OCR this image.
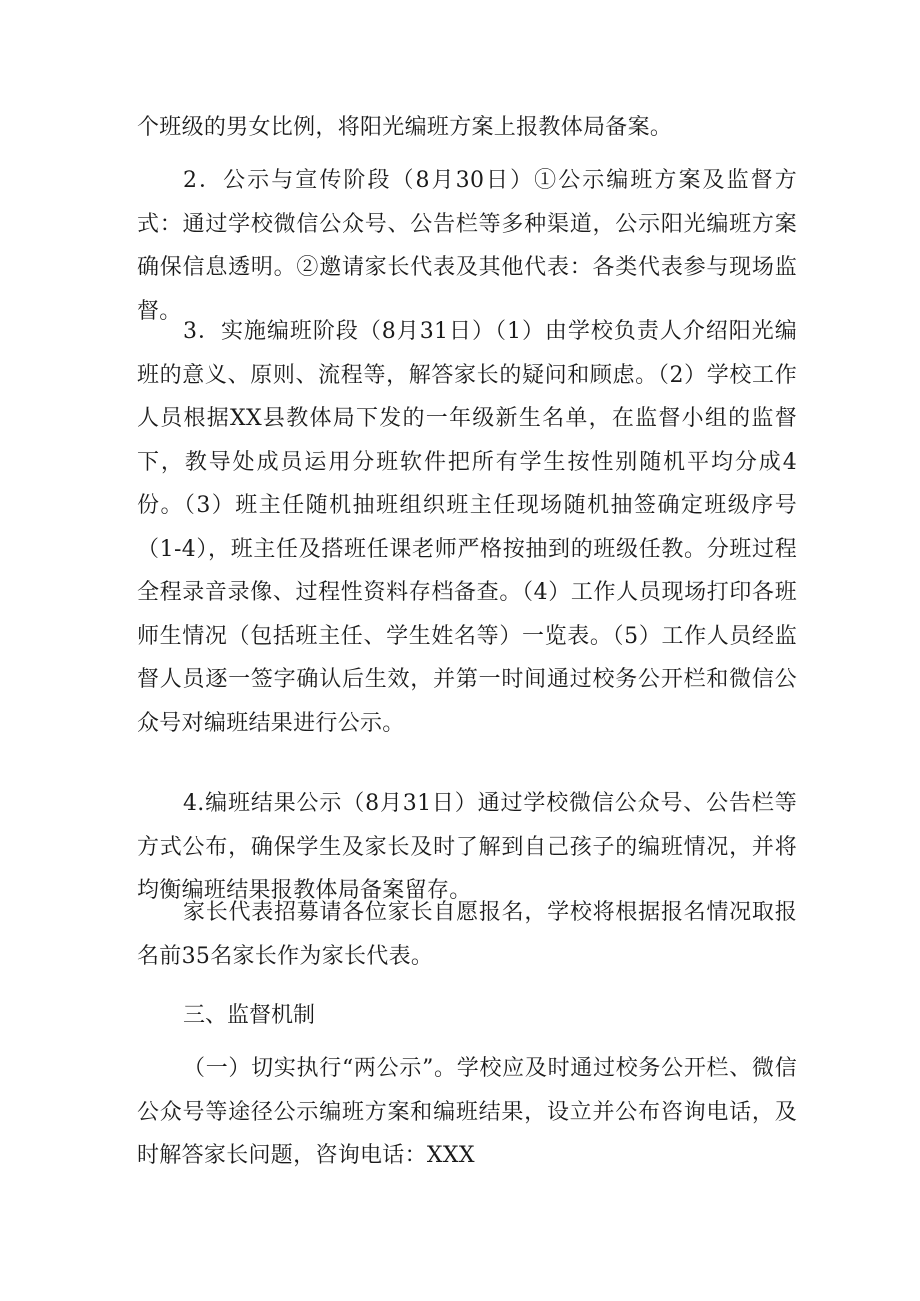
个班级的男女比例，将阳光编班方案上报教体局备案。

2．公示与宣传阶段（8月30日）①公示编班方案及监督方式：通过学校微信公众号、公告栏等多种渠道，公示阳光编班方案确保信息透明。②邀请家长代表及其他代表：各类代表参与现场监督。

3．实施编班阶段（8月31日）（1）由学校负责人介绍阳光编班的意义、原则、流程等，解答家长的疑问和顾虑。（2）学校工作人员根据XX县教体局下发的一年级新生名单，在监督小组的监督下，教导处成员运用分班软件把所有学生按性别随机平均分成4份。（3）班主任随机抽班组织班主任现场随机抽签确定班级序号（1-4），班主任及搭班任课老师严格按抽到的班级任教。分班过程全程录音录像、过程性资料存档备查。（4）工作人员现场打印各班师生情况（包括班主任、学生姓名等）一览表。（5）工作人员经监督人员逐一签字确认后生效，并第一时间通过校务公开栏和微信公众号对编班结果进行公示。

4.编班结果公示（8月31日）通过学校微信公众号、公告栏等方式公布，确保学生及家长及时了解到自己孩子的编班情况，并将均衡编班结果报教体局备案留存。

家长代表招募请各位家长自愿报名，学校将根据报名情况取报名前35名家长作为家长代表。

三、监督机制

（一）切实执行“两公示”。学校应及时通过校务公开栏、微信公众号等途径公示编班方案和编班结果，设立并公布咨询电话，及时解答家长问题，咨询电话：XXX
